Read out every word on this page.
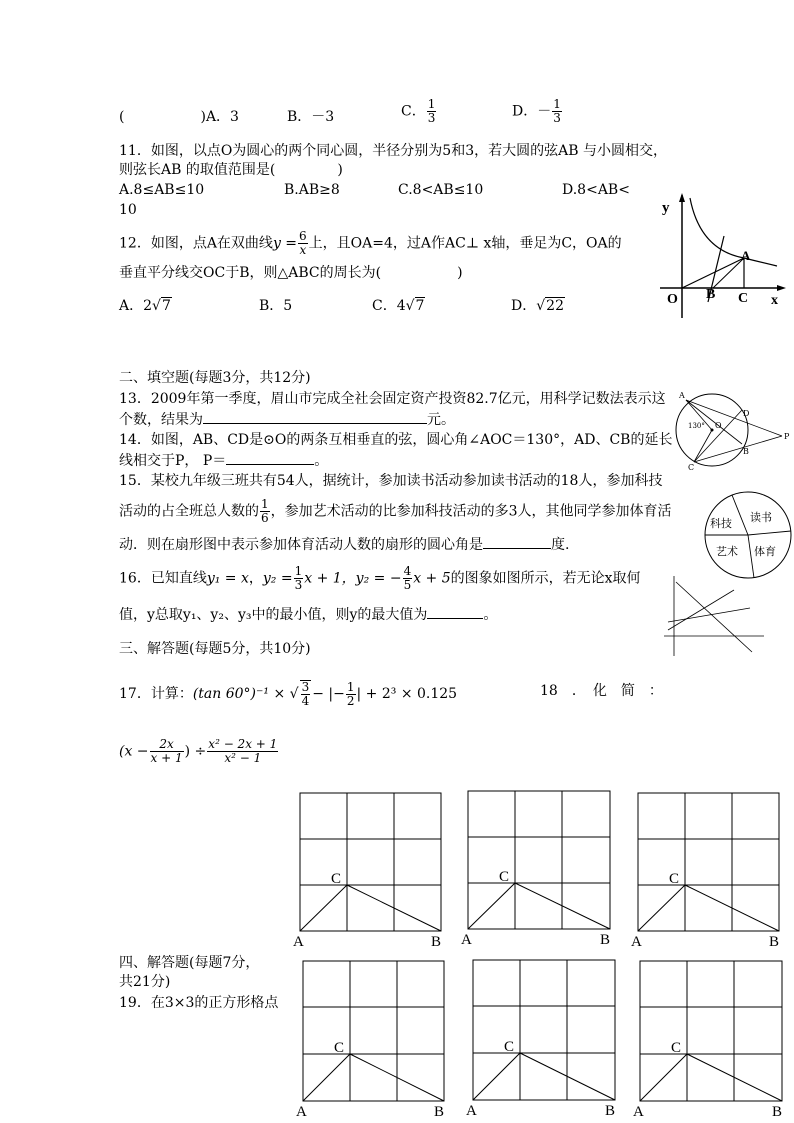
(	)A．3	B．－3	C． $\frac{1}{3}$	D．－ $\frac{1}{3}$
11．如图，以点O为圆心的两个同心圆，半径分别为5和3，若大圆的弦AB 与小圆相交，
则弦长AB 的取值范围是(	)
A.8≤AB≤10	B.AB≥8	C.8<AB≤10	D.8<AB<
10
12．如图，点A在双曲线$y = \frac{6}{x}$ 上，且OA=4，过A作AC⊥ x轴，垂足为C，OA的
垂直平分线交OC于B，则△ABC的周长为(	)
A．2√7	B．5	C．4√7	D．√22
y
O B C x
A
二、填空题(每题3分，共12分)
13．2009年第一季度，眉山市完成全社会固定资产投资82.7亿元，用科学记数法表示这
个数，结果为	元。
14．如图，AB、CD是⊙O的两条互相垂直的弦，圆心角∠AOC＝130°，AD、CB的延长
线相交于P， P＝	。
A
O
130°
D
B
C
P
15．某校九年级三班共有54人，据统计，参加读书活动参加读书活动的18人，参加科技
活动的占全班总人数的 $\frac{1}{6}$ ，参加艺术活动的比参加科技活动的多3人，其他同学参加体育活
动．则在扇形图中表示参加体育活动人数的扇形的圆心角是	度.
科技 读书
艺术 体育
16．已知直线y₁ = x，$y_2 = \frac{1}{3}$ x + 1，y₂ = − $\frac{4}{5}$ x + 5的图象如图所示，若无论x取何
值，y总取y₁、y₂、y₃中的最小值，则y的最大值为	。
三、解答题(每题5分，共10分)
17．计算：(tan 60°)⁻¹ × √ $\frac{3}{4}$ − |− $\frac{1}{2}$ | + 2³ × 0.125	18　．　化　简　：
($x - \frac{2x}{x + 1}$ ) ÷ $\frac{\text{x² − 2x + 1}}{\text{x² − 1}}$
四、解答题(每题7分，
共21分)
19．在3×3的正方形格点
C
A	B
C
A	B
C
A	B
C
A	B
C
A	B
C
A	B
